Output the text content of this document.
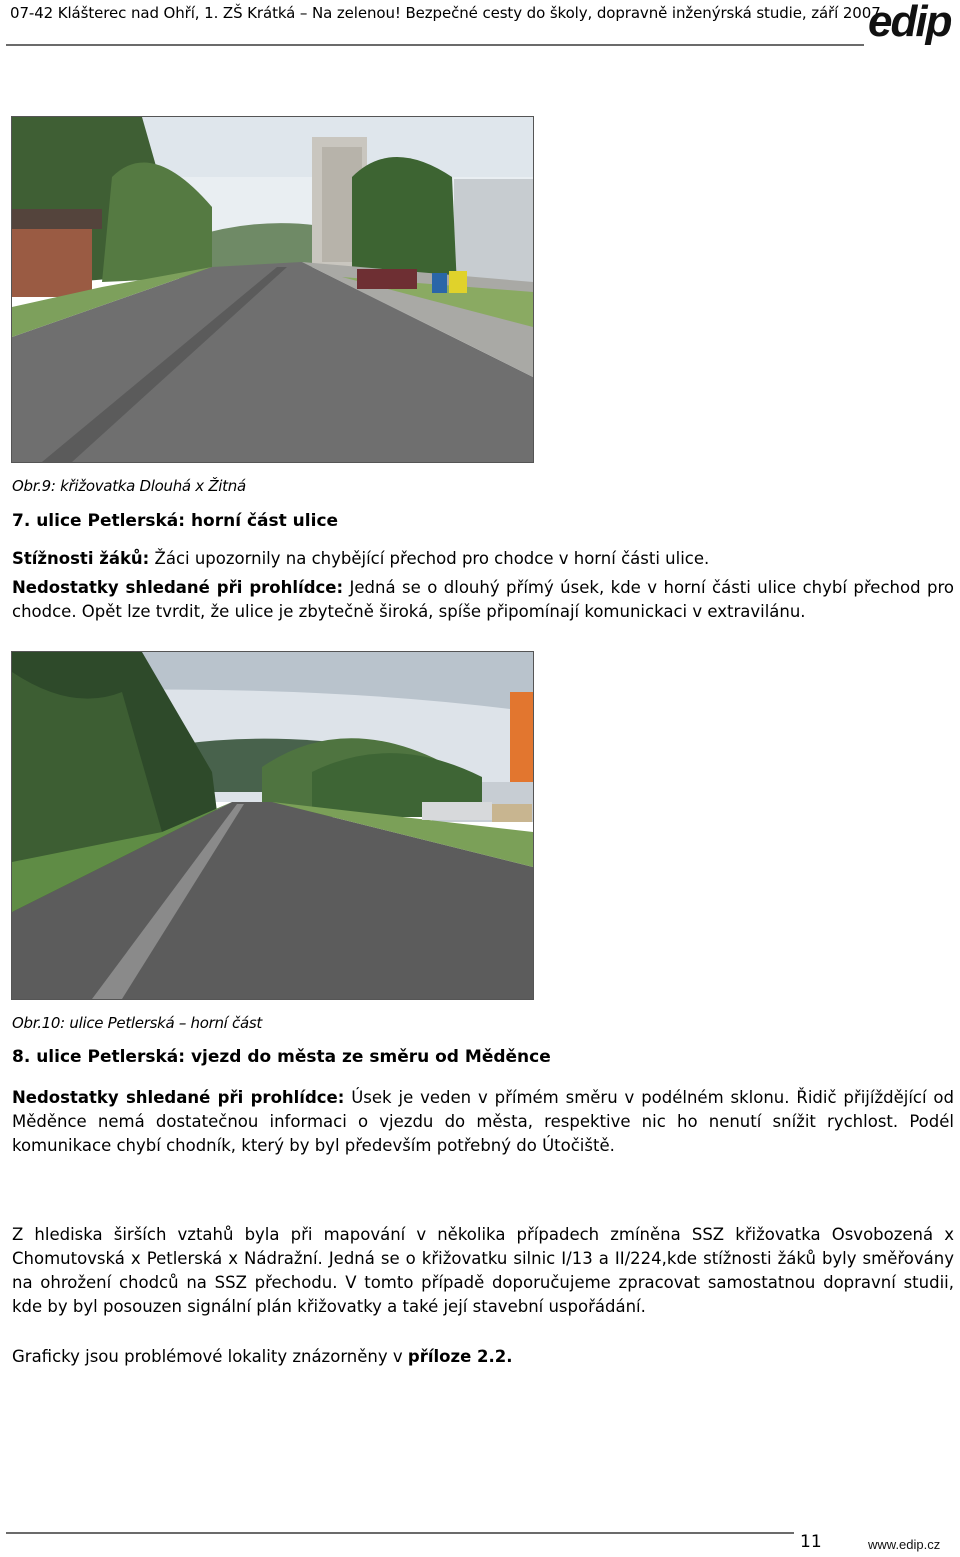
07-42 Klášterec nad Ohří, 1. ZŠ Krátká – Na zelenou! Bezpečné cesty do školy, dopravně inženýrská studie, září 2007
edip
Obr.9: křižovatka Dlouhá x Žitná
7. ulice Petlerská: horní část ulice
Stížnosti žáků: Žáci upozornily na chybějící přechod pro chodce v horní části ulice.
Nedostatky shledané při prohlídce: Jedná se o dlouhý přímý úsek, kde v horní části ulice chybí přechod pro chodce. Opět lze tvrdit, že ulice je zbytečně široká, spíše připomínají komunickaci v extravilánu.
Obr.10: ulice Petlerská – horní část
8. ulice Petlerská: vjezd do města ze směru od Měděnce
Nedostatky shledané při prohlídce: Úsek je veden v přímém směru v podélném sklonu. Řidič přijíždějící od Měděnce nemá dostatečnou informaci o vjezdu do města, respektive nic ho nenutí snížit rychlost. Podél komunikace chybí chodník, který by byl především potřebný do Útočiště.
Z hlediska širších vztahů byla při mapování v několika případech zmíněna SSZ křižovatka Osvobozená x Chomutovská x Petlerská x Nádražní. Jedná se o křižovatku silnic I/13 a II/224,kde stížnosti žáků byly směřovány na ohrožení chodců na SSZ přechodu. V tomto případě doporučujeme zpracovat samostatnou dopravní studii, kde by byl posouzen signální plán křižovatky a také její stavební uspořádání.
Graficky jsou problémové lokality znázorněny v příloze 2.2.
11	www.edip.cz
